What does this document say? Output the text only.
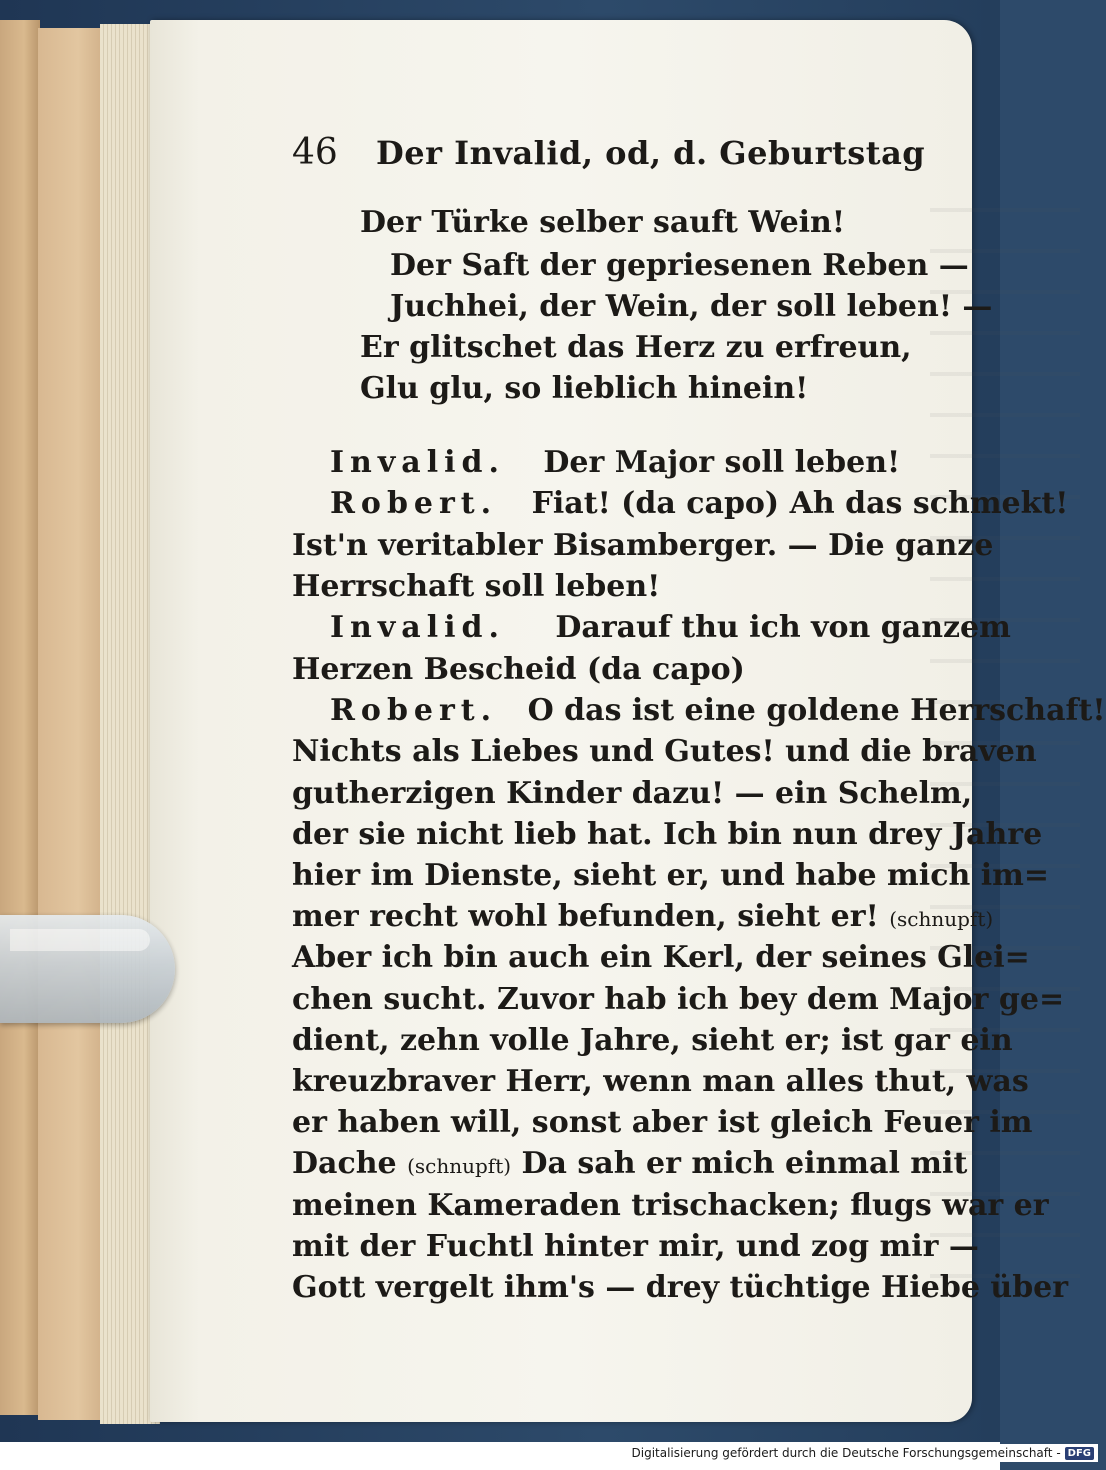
46 Der Invalid, od, d. Geburtstag
Der Türke selber sauft Wein!
Der Saft der gepriesenen Reben —
Juchhei, der Wein, der soll leben! —
Er glitschet das Herz zu erfreun,
Glu glu, so lieblich hinein!
Invalid. Der Major soll leben!
Robert. Fiat! (da capo) Ah das schmekt!
Ist'n veritabler Bisamberger. — Die ganze
Herrschaft soll leben!
Invalid. Darauf thu ich von ganzem
Herzen Bescheid (da capo)
Robert. O das ist eine goldene Herrschaft!
Nichts als Liebes und Gutes! und die braven
gutherzigen Kinder dazu! — ein Schelm,
der sie nicht lieb hat. Ich bin nun drey Jahre
hier im Dienste, sieht er, und habe mich im=
mer recht wohl befunden, sieht er! (schnupft)
Aber ich bin auch ein Kerl, der seines Glei=
chen sucht. Zuvor hab ich bey dem Major ge=
dient, zehn volle Jahre, sieht er; ist gar ein
kreuzbraver Herr, wenn man alles thut, was
er haben will, sonst aber ist gleich Feuer im
Dache (schnupft) Da sah er mich einmal mit
meinen Kameraden trischacken; flugs war er
mit der Fuchtl hinter mir, und zog mir —
Gott vergelt ihm's — drey tüchtige Hiebe über
Digitalisierung gefördert durch die Deutsche Forschungsgemeinschaft - DFG
